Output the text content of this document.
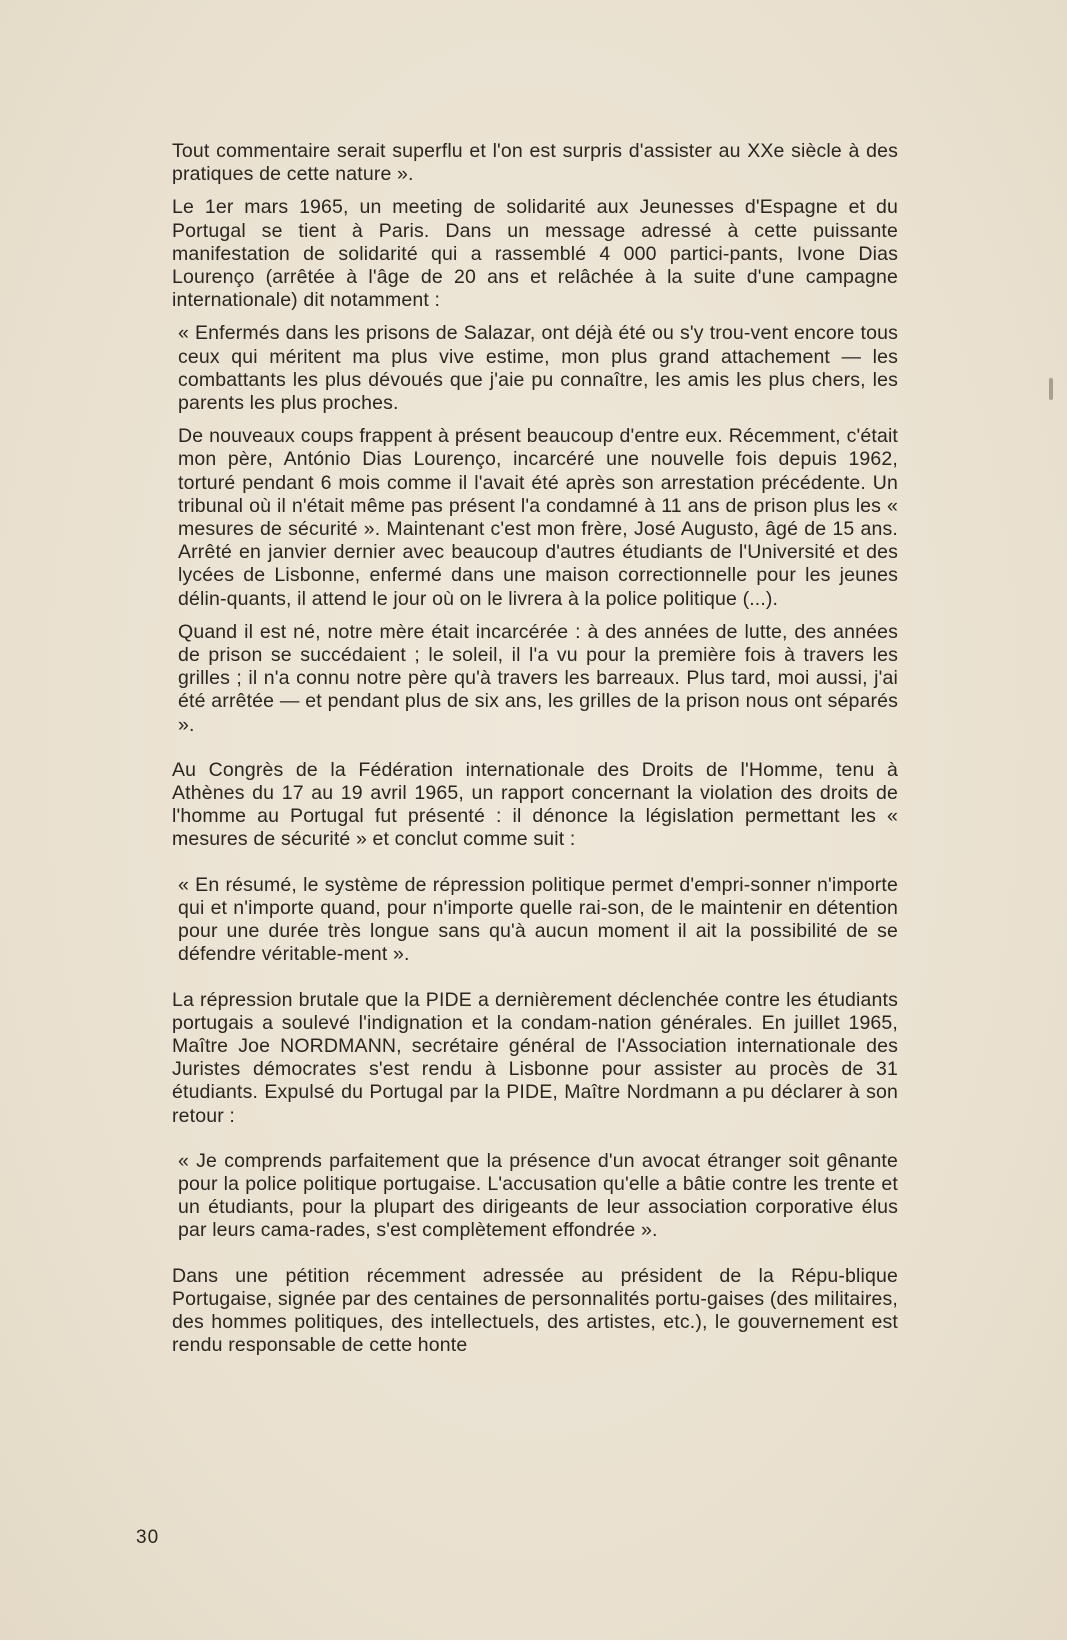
Tout commentaire serait superflu et l'on est surpris d'assister au XXe siècle à des pratiques de cette nature ».

Le 1er mars 1965, un meeting de solidarité aux Jeunesses d'Espagne et du Portugal se tient à Paris. Dans un message adressé à cette puissante manifestation de solidarité qui a rassemblé 4 000 partici-pants, Ivone Dias Lourenço (arrêtée à l'âge de 20 ans et relâchée à la suite d'une campagne internationale) dit notamment :

« Enfermés dans les prisons de Salazar, ont déjà été ou s'y trou-vent encore tous ceux qui méritent ma plus vive estime, mon plus grand attachement — les combattants les plus dévoués que j'aie pu connaître, les amis les plus chers, les parents les plus proches.

De nouveaux coups frappent à présent beaucoup d'entre eux. Récemment, c'était mon père, António Dias Lourenço, incarcéré une nouvelle fois depuis 1962, torturé pendant 6 mois comme il l'avait été après son arrestation précédente. Un tribunal où il n'était même pas présent l'a condamné à 11 ans de prison plus les « mesures de sécurité ». Maintenant c'est mon frère, José Augusto, âgé de 15 ans. Arrêté en janvier dernier avec beaucoup d'autres étudiants de l'Université et des lycées de Lisbonne, enfermé dans une maison correctionnelle pour les jeunes délin-quants, il attend le jour où on le livrera à la police politique (...).

Quand il est né, notre mère était incarcérée : à des années de lutte, des années de prison se succédaient ; le soleil, il l'a vu pour la première fois à travers les grilles ; il n'a connu notre père qu'à travers les barreaux. Plus tard, moi aussi, j'ai été arrêtée — et pendant plus de six ans, les grilles de la prison nous ont séparés ».

Au Congrès de la Fédération internationale des Droits de l'Homme, tenu à Athènes du 17 au 19 avril 1965, un rapport concernant la violation des droits de l'homme au Portugal fut présenté : il dénonce la législation permettant les « mesures de sécurité » et conclut comme suit :

« En résumé, le système de répression politique permet d'empri-sonner n'importe qui et n'importe quand, pour n'importe quelle rai-son, de le maintenir en détention pour une durée très longue sans qu'à aucun moment il ait la possibilité de se défendre véritable-ment ».

La répression brutale que la PIDE a dernièrement déclenchée contre les étudiants portugais a soulevé l'indignation et la condam-nation générales. En juillet 1965, Maître Joe NORDMANN, secrétaire général de l'Association internationale des Juristes démocrates s'est rendu à Lisbonne pour assister au procès de 31 étudiants. Expulsé du Portugal par la PIDE, Maître Nordmann a pu déclarer à son retour :

« Je comprends parfaitement que la présence d'un avocat étranger soit gênante pour la police politique portugaise. L'accusation qu'elle a bâtie contre les trente et un étudiants, pour la plupart des dirigeants de leur association corporative élus par leurs cama-rades, s'est complètement effondrée ».

Dans une pétition récemment adressée au président de la Répu-blique Portugaise, signée par des centaines de personnalités portu-gaises (des militaires, des hommes politiques, des intellectuels, des artistes, etc.), le gouvernement est rendu responsable de cette honte

30
